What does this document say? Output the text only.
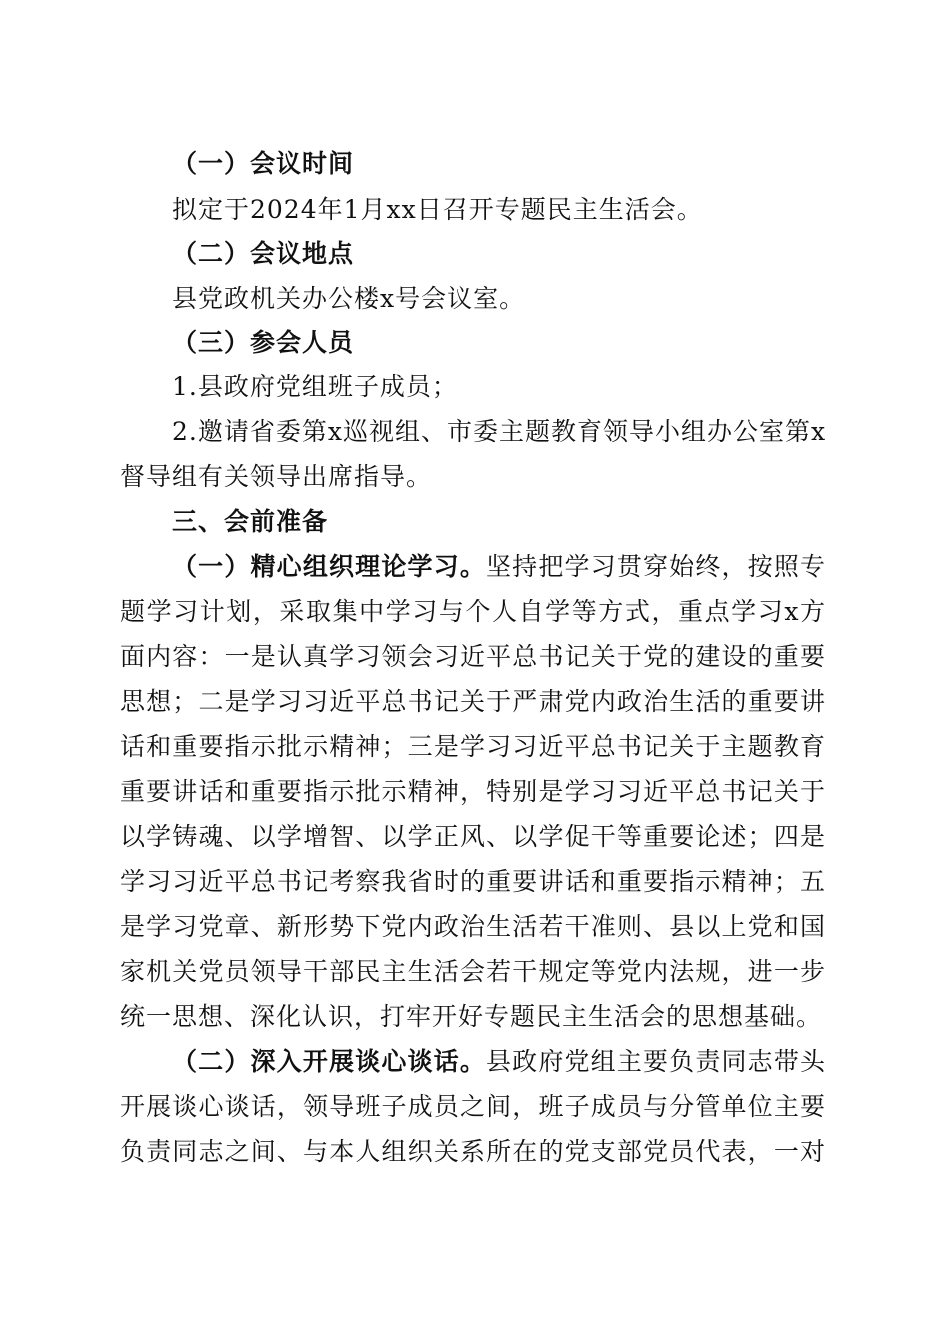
（一）会议时间
拟定于2024年1月xx日召开专题民主生活会。
（二）会议地点
县党政机关办公楼x号会议室。
（三）参会人员
1.县政府党组班子成员；
2.邀请省委第x巡视组、市委主题教育领导小组办公室第x
督导组有关领导出席指导。
三、会前准备
（一）精心组织理论学习。坚持把学习贯穿始终，按照专
题学习计划，采取集中学习与个人自学等方式，重点学习x方
面内容：一是认真学习领会习近平总书记关于党的建设的重要
思想；二是学习习近平总书记关于严肃党内政治生活的重要讲
话和重要指示批示精神；三是学习习近平总书记关于主题教育
重要讲话和重要指示批示精神，特别是学习习近平总书记关于
以学铸魂、以学增智、以学正风、以学促干等重要论述；四是
学习习近平总书记考察我省时的重要讲话和重要指示精神；五
是学习党章、新形势下党内政治生活若干准则、县以上党和国
家机关党员领导干部民主生活会若干规定等党内法规，进一步
统一思想、深化认识，打牢开好专题民主生活会的思想基础。
（二）深入开展谈心谈话。县政府党组主要负责同志带头
开展谈心谈话，领导班子成员之间，班子成员与分管单位主要
负责同志之间、与本人组织关系所在的党支部党员代表，一对
